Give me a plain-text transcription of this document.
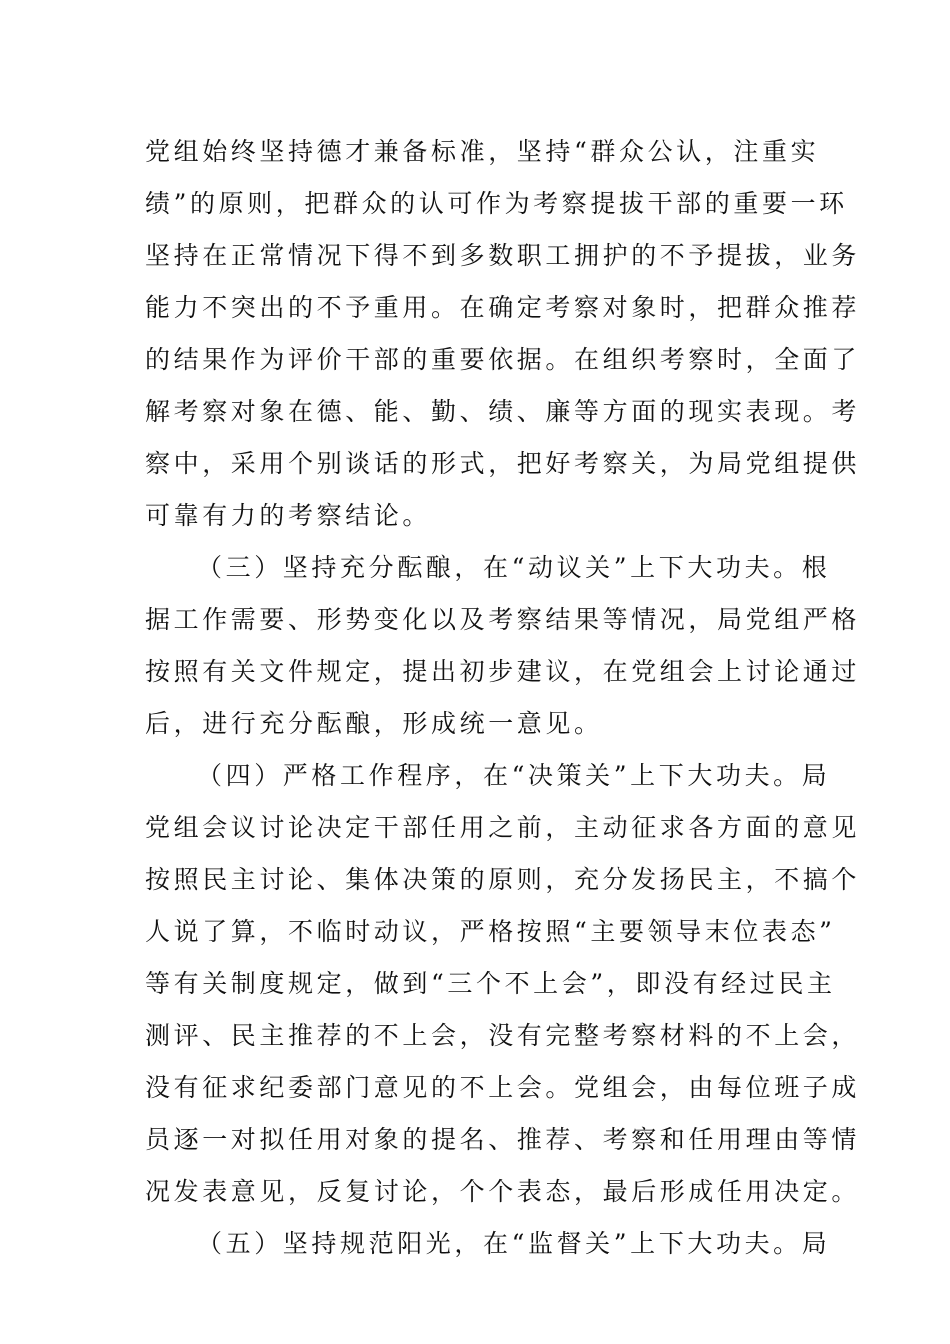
党组始终坚持德才兼备标准，坚持“群众公认，注重实
绩”的原则，把群众的认可作为考察提拔干部的重要一环
坚持在正常情况下得不到多数职工拥护的不予提拔，业务
能力不突出的不予重用。在确定考察对象时，把群众推荐
的结果作为评价干部的重要依据。在组织考察时，全面了
解考察对象在德、能、勤、绩、廉等方面的现实表现。考
察中，采用个别谈话的形式，把好考察关，为局党组提供
可靠有力的考察结论。
（三）坚持充分酝酿，在“动议关”上下大功夫。根
据工作需要、形势变化以及考察结果等情况，局党组严格
按照有关文件规定，提出初步建议，在党组会上讨论通过
后，进行充分酝酿，形成统一意见。
（四）严格工作程序，在“决策关”上下大功夫。局
党组会议讨论决定干部任用之前，主动征求各方面的意见
按照民主讨论、集体决策的原则，充分发扬民主，不搞个
人说了算，不临时动议，严格按照“主要领导末位表态”
等有关制度规定，做到“三个不上会”，即没有经过民主
测评、民主推荐的不上会，没有完整考察材料的不上会，
没有征求纪委部门意见的不上会。党组会，由每位班子成
员逐一对拟任用对象的提名、推荐、考察和任用理由等情
况发表意见，反复讨论，个个表态，最后形成任用决定。
（五）坚持规范阳光，在“监督关”上下大功夫。局
